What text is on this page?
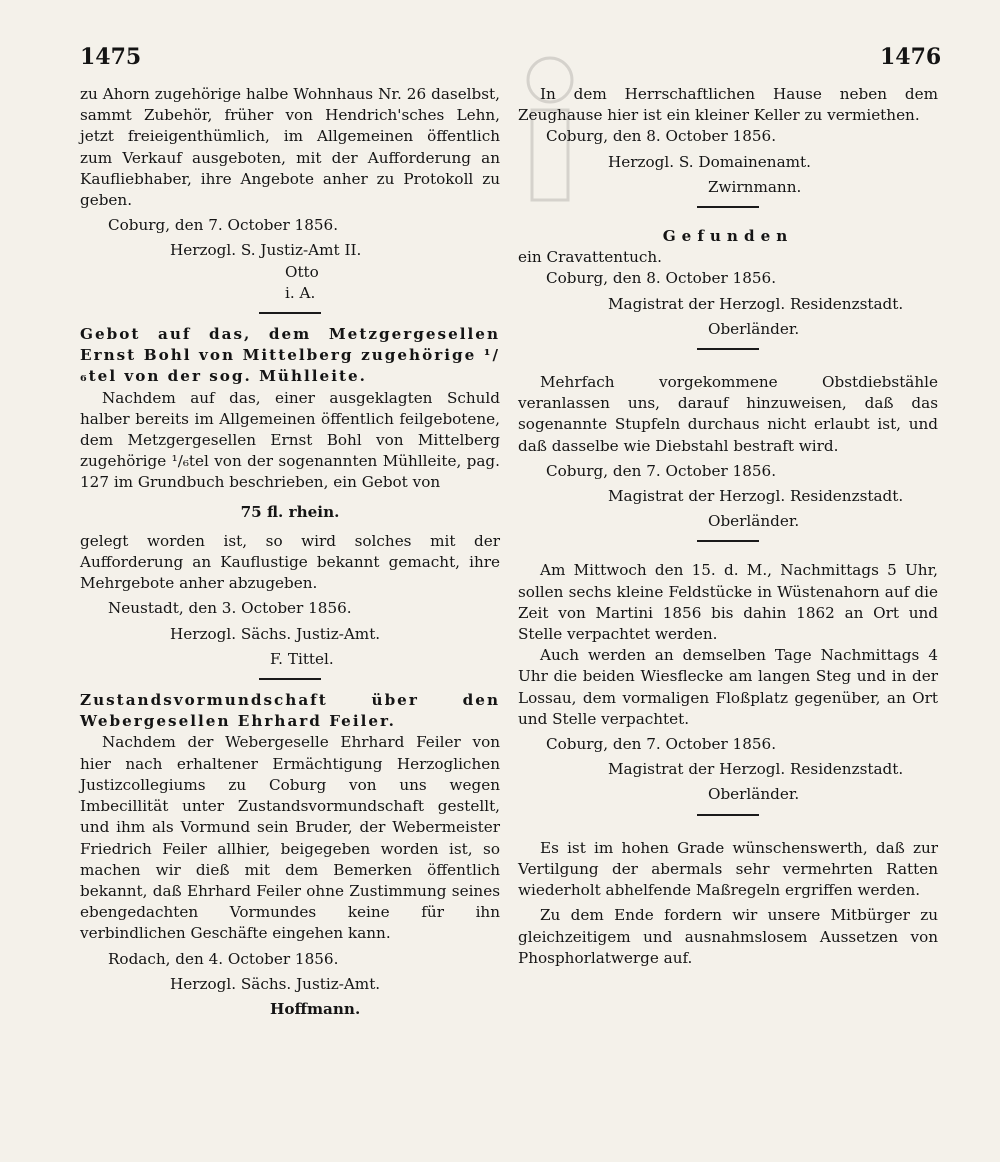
1475	1476

zu Ahorn zugehörige halbe Wohnhaus Nr. 26 daselbst, sammt Zubehör, früher von Hendrich'sches Lehn, jetzt freieigenthümlich, im Allgemeinen öffentlich zum Verkauf ausgeboten, mit der Aufforderung an Kaufliebhaber, ihre Angebote anher zu Protokoll zu geben.

Coburg, den 7. October 1856.

Herzogl. S. Justiz-Amt II.

Otto

i. A.

Gebot auf das, dem Metzgergesellen Ernst Bohl von Mittelberg zugehörige ¹/₆tel von der sog. Mühlleite.

Nachdem auf das, einer ausgeklagten Schuld halber bereits im Allgemeinen öffentlich feilgebotene, dem Metzgergesellen Ernst Bohl von Mittelberg zugehörige ¹/₆tel von der sogenannten Mühlleite, pag. 127 im Grundbuch beschrieben, ein Gebot von

75 fl. rhein.

gelegt worden ist, so wird solches mit der Aufforderung an Kauflustige bekannt gemacht, ihre Mehrgebote anher abzugeben.

Neustadt, den 3. October 1856.

Herzogl. Sächs. Justiz-Amt.

F. Tittel.

Zustandsvormundschaft über den Webergesellen Ehrhard Feiler.

Nachdem der Webergeselle Ehrhard Feiler von hier nach erhaltener Ermächtigung Herzoglichen Justizcollegiums zu Coburg von uns wegen Imbecillität unter Zustandsvormundschaft gestellt, und ihm als Vormund sein Bruder, der Webermeister Friedrich Feiler allhier, beigegeben worden ist, so machen wir dieß mit dem Bemerken öffentlich bekannt, daß Ehrhard Feiler ohne Zustimmung seines ebengedachten Vormundes keine für ihn verbindlichen Geschäfte eingehen kann.

Rodach, den 4. October 1856.

Herzogl. Sächs. Justiz-Amt.

Hoffmann.

In dem Herrschaftlichen Hause neben dem Zeughause hier ist ein kleiner Keller zu vermiethen.

Coburg, den 8. October 1856.

Herzogl. S. Domainenamt.

Zwirnmann.

Gefunden

ein Cravattentuch.

Coburg, den 8. October 1856.

Magistrat der Herzogl. Residenzstadt.

Oberländer.

Mehrfach vorgekommene Obstdiebstähle veranlassen uns, darauf hinzuweisen, daß das sogenannte Stupfeln durchaus nicht erlaubt ist, und daß dasselbe wie Diebstahl bestraft wird.

Coburg, den 7. October 1856.

Magistrat der Herzogl. Residenzstadt.

Oberländer.

Am Mittwoch den 15. d. M., Nachmittags 5 Uhr, sollen sechs kleine Feldstücke in Wüstenahorn auf die Zeit von Martini 1856 bis dahin 1862 an Ort und Stelle verpachtet werden.

Auch werden an demselben Tage Nachmittags 4 Uhr die beiden Wiesflecke am langen Steg und in der Lossau, dem vormaligen Floßplatz gegenüber, an Ort und Stelle verpachtet.

Coburg, den 7. October 1856.

Magistrat der Herzogl. Residenzstadt.

Oberländer.

Es ist im hohen Grade wünschenswerth, daß zur Vertilgung der abermals sehr vermehrten Ratten wiederholt abhelfende Maßregeln ergriffen werden.

Zu dem Ende fordern wir unsere Mitbürger zu gleichzeitigem und ausnahmslosem Aussetzen von Phosphorlatwerge auf.
